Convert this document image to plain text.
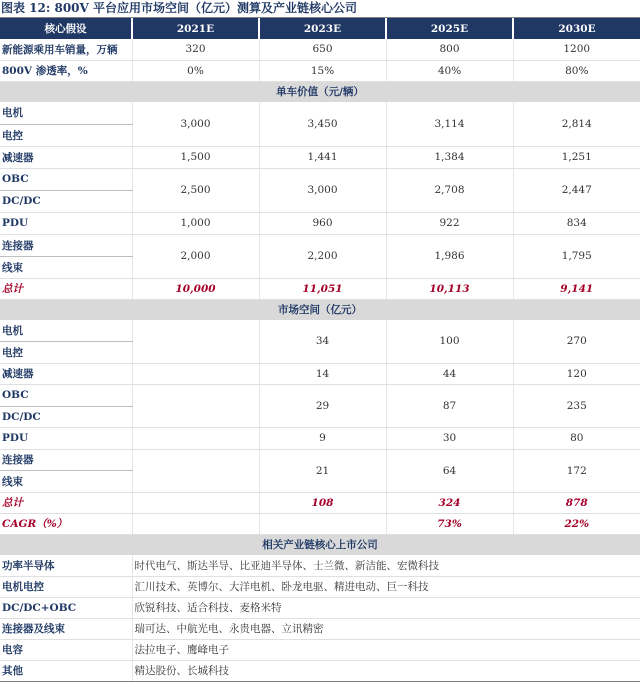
图表 12: 800V 平台应用市场空间（亿元）测算及产业链核心公司
核心假设	2021E	2023E	2025E	2030E
新能源乘用车销量，万辆	320	650	800	1200
800V 渗透率，%	0%	15%	40%	80%
单车价值（元/辆）				
电机	3,000	3,450	3,114	2,814
电控				
减速器	1,500	1,441	1,384	1,251
OBC	2,500	3,000	2,708	2,447
DC/DC				
PDU	1,000	960	922	834
连接器	2,000	2,200	1,986	1,795
线束				
总计	10,000	11,051	10,113	9,141
市场空间（亿元）				
电机		34	100	270
电控				
减速器		14	44	120
OBC		29	87	235
DC/DC				
PDU		9	30	80
连接器		21	64	172
线束				
总计		108	324	878
CAGR（%）			73%	22%
相关产业链核心上市公司				
功率半导体	时代电气、斯达半导、比亚迪半导体、士兰微、新洁能、宏微科技			
电机电控	汇川技术、英博尔、大洋电机、卧龙电驱、精进电动、巨一科技			
DC/DC+OBC	欣锐科技、适合科技、麦格米特			
连接器及线束	瑞可达、中航光电、永贵电器、立讯精密			
电容	法拉电子、鹰峰电子			
其他	精达股份、长城科技			
